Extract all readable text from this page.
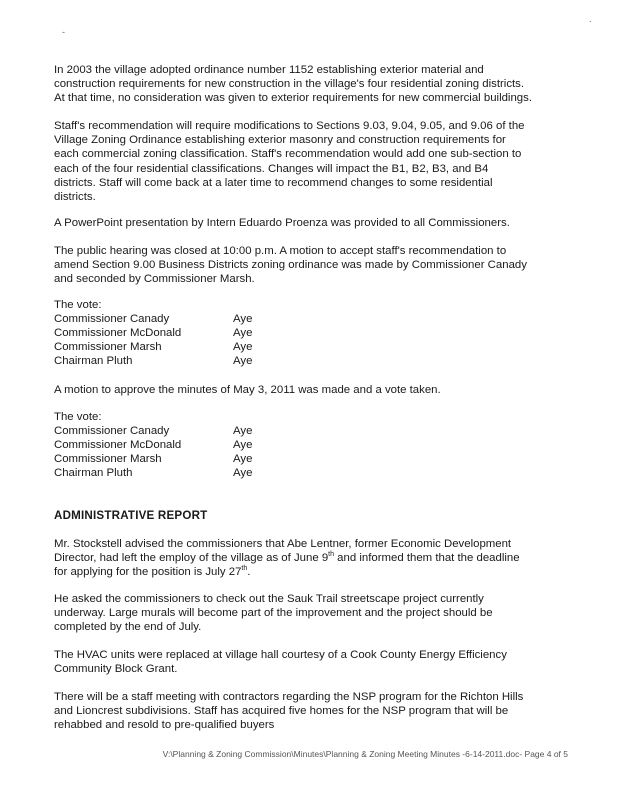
-
.

In 2003 the village adopted ordinance number 1152 establishing exterior material and
construction requirements for new construction in the village's four residential zoning districts.
At that time, no consideration was given to exterior requirements for new commercial buildings.

Staff's recommendation will require modifications to Sections 9.03, 9.04, 9.05, and 9.06 of the
Village Zoning Ordinance establishing exterior masonry and construction requirements for
each commercial zoning classification. Staff's recommendation would add one sub-section to
each of the four residential classifications. Changes will impact the B1, B2, B3, and B4
districts. Staff will come back at a later time to recommend changes to some residential
districts.

A PowerPoint presentation by Intern Eduardo Proenza was provided to all Commissioners.

The public hearing was closed at 10:00 p.m. A motion to accept staff's recommendation to
amend Section 9.00 Business Districts zoning ordinance was made by Commissioner Canady
and seconded by Commissioner Marsh.

The vote:
Commissioner Canady	Aye
Commissioner McDonald	Aye
Commissioner Marsh	Aye
Chairman Pluth	Aye

A motion to approve the minutes of May 3, 2011 was made and a vote taken.

The vote:
Commissioner Canady	Aye
Commissioner McDonald	Aye
Commissioner Marsh	Aye
Chairman Pluth	Aye
ADMINISTRATIVE REPORT

Mr. Stockstell advised the commissioners that Abe Lentner, former Economic Development
Director, had left the employ of the village as of June 9th and informed them that the deadline
for applying for the position is July 27th.

He asked the commissioners to check out the Sauk Trail streetscape project currently
underway. Large murals will become part of the improvement and the project should be
completed by the end of July.

The HVAC units were replaced at village hall courtesy of a Cook County Energy Efficiency
Community Block Grant.

There will be a staff meeting with contractors regarding the NSP program for the Richton Hills
and Lioncrest subdivisions. Staff has acquired five homes for the NSP program that will be
rehabbed and resold to pre-qualified buyers

V:\Planning & Zoning Commission\Minutes\Planning & Zoning Meeting Minutes -6-14-2011.doc- Page 4 of 5
